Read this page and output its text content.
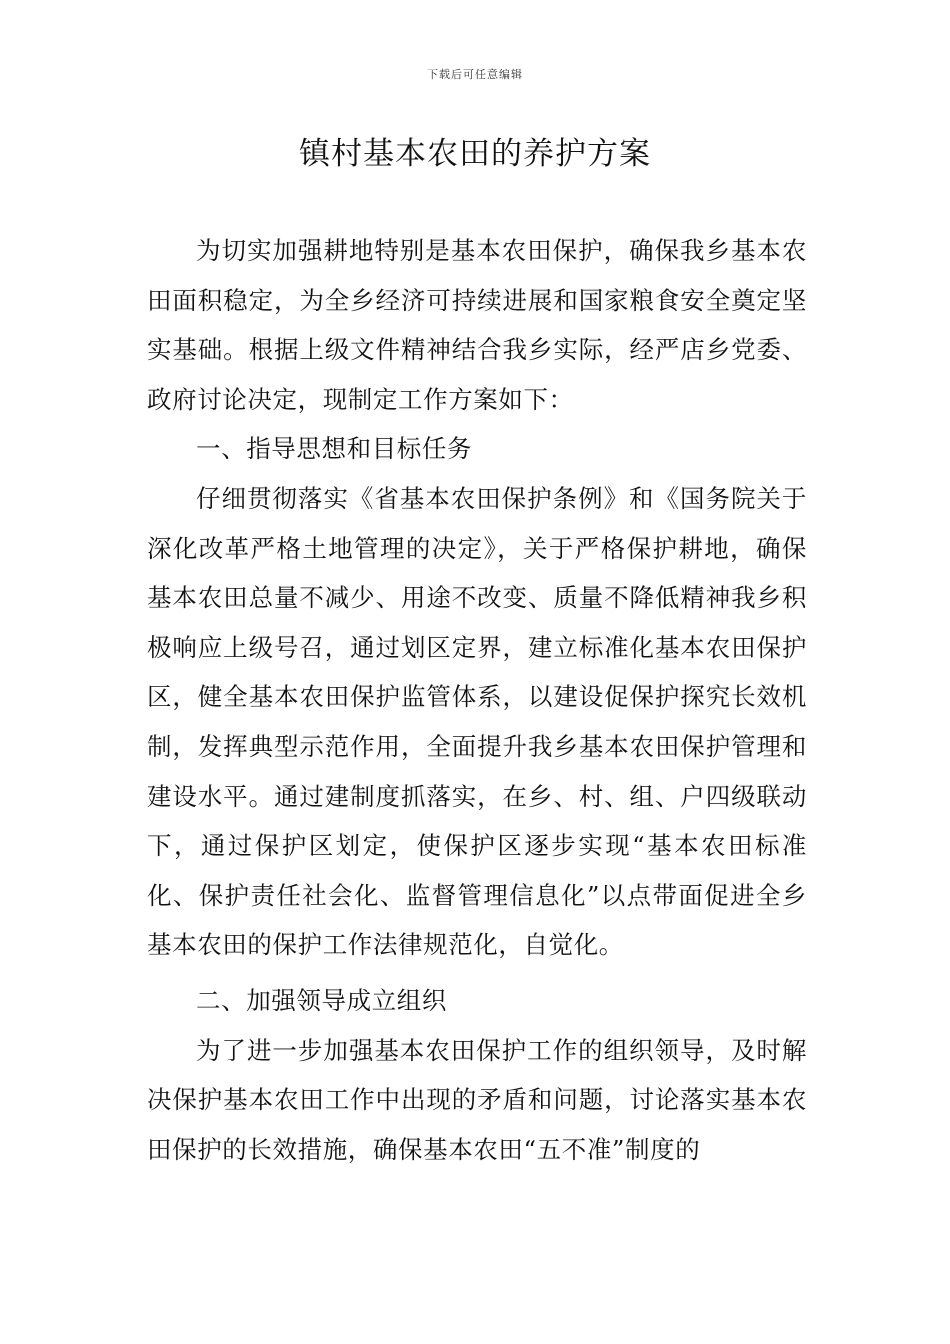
下载后可任意编辑
镇村基本农田的养护方案

为切实加强耕地特别是基本农田保护，确保我乡基本农田面积稳定，为全乡经济可持续进展和国家粮食安全奠定坚实基础。根据上级文件精神结合我乡实际，经严店乡党委、政府讨论决定，现制定工作方案如下：

一、指导思想和目标任务

仔细贯彻落实《省基本农田保护条例》和《国务院关于深化改革严格土地管理的决定》，关于严格保护耕地，确保基本农田总量不减少、用途不改变、质量不降低精神我乡积极响应上级号召，通过划区定界，建立标准化基本农田保护区，健全基本农田保护监管体系，以建设促保护探究长效机制，发挥典型示范作用，全面提升我乡基本农田保护管理和建设水平。通过建制度抓落实，在乡、村、组、户四级联动下，通过保护区划定，使保护区逐步实现“基本农田标准化、保护责任社会化、监督管理信息化”以点带面促进全乡基本农田的保护工作法律规范化，自觉化。

二、加强领导成立组织

为了进一步加强基本农田保护工作的组织领导，及时解决保护基本农田工作中出现的矛盾和问题，讨论落实基本农田保护的长效措施，确保基本农田“五不准”制度的
